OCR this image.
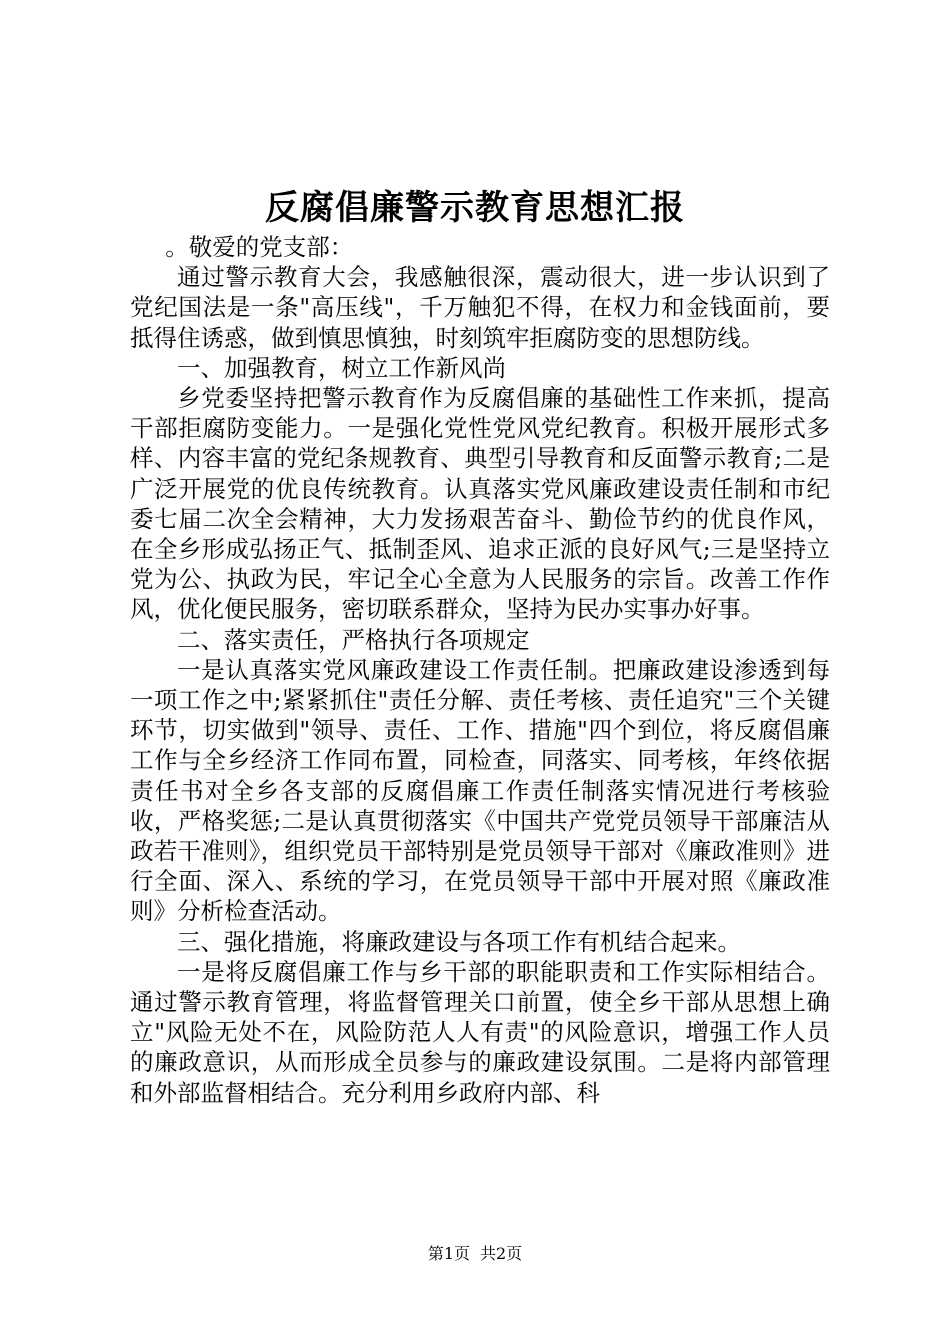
反腐倡廉警示教育思想汇报

。敬爱的党支部：

通过警示教育大会，我感触很深，震动很大，进一步认识到了党纪国法是一条"高压线"，千万触犯不得，在权力和金钱面前，要抵得住诱惑，做到慎思慎独，时刻筑牢拒腐防变的思想防线。

一、加强教育，树立工作新风尚

乡党委坚持把警示教育作为反腐倡廉的基础性工作来抓，提高干部拒腐防变能力。一是强化党性党风党纪教育。积极开展形式多样、内容丰富的党纪条规教育、典型引导教育和反面警示教育;二是广泛开展党的优良传统教育。认真落实党风廉政建设责任制和市纪委七届二次全会精神，大力发扬艰苦奋斗、勤俭节约的优良作风，在全乡形成弘扬正气、抵制歪风、追求正派的良好风气;三是坚持立党为公、执政为民，牢记全心全意为人民服务的宗旨。改善工作作风，优化便民服务，密切联系群众，坚持为民办实事办好事。

二、落实责任，严格执行各项规定

一是认真落实党风廉政建设工作责任制。把廉政建设渗透到每一项工作之中;紧紧抓住"责任分解、责任考核、责任追究"三个关键环节，切实做到"领导、责任、工作、措施"四个到位，将反腐倡廉工作与全乡经济工作同布置，同检查，同落实、同考核，年终依据责任书对全乡各支部的反腐倡廉工作责任制落实情况进行考核验收，严格奖惩;二是认真贯彻落实《中国共产党党员领导干部廉洁从政若干准则》，组织党员干部特别是党员领导干部对《廉政准则》进行全面、深入、系统的学习，在党员领导干部中开展对照《廉政准则》分析检查活动。

三、强化措施，将廉政建设与各项工作有机结合起来。

一是将反腐倡廉工作与乡干部的职能职责和工作实际相结合。通过警示教育管理，将监督管理关口前置，使全乡干部从思想上确立"风险无处不在，风险防范人人有责"的风险意识，增强工作人员的廉政意识，从而形成全员参与的廉政建设氛围。二是将内部管理和外部监督相结合。充分利用乡政府内部、科

第1页 共2页
